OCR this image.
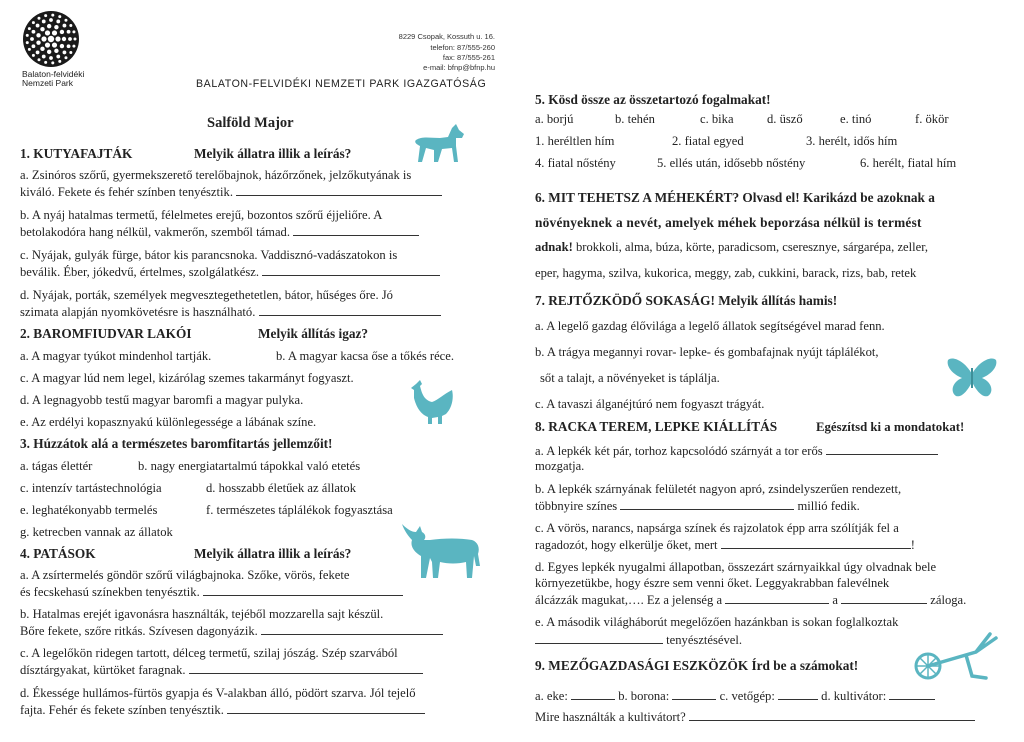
Balaton-felvidéki
Nemzeti Park
8229 Csopak, Kossuth u. 16.
telefon: 87/555-260
fax: 87/555-261
e-mail: bfnp@bfnp.hu
BALATON-FELVIDÉKI NEMZETI PARK IGAZGATÓSÁG
Salföld Major
1. KUTYAFAJTÁK	Melyik állatra illik a leírás?
a. Zsinóros szőrű, gyermekszerető terelőbajnok, házőrzőnek, jelzőkutyának is
kiváló. Fekete és fehér színben tenyésztik.
b. A nyáj hatalmas termetű, félelmetes erejű, bozontos szőrű éjjeliőre. A
betolakodóra hang nélkül, vakmerőn, szemből támad.
c. Nyájak, gulyák fürge, bátor kis parancsnoka. Vaddisznó-vadászatokon is
beválik. Éber, jókedvű, értelmes, szolgálatkész.
d. Nyájak, porták, személyek megvesztegethetetlen, bátor, hűséges őre. Jó
szimata alapján nyomkövetésre is használható.
2. BAROMFIUDVAR LAKÓI	Melyik állítás igaz?
a. A magyar tyúkot mindenhol tartják.	b. A magyar kacsa őse a tőkés réce.
c. A magyar lúd nem legel, kizárólag szemes takarmányt fogyaszt.
d. A legnagyobb testű magyar baromfi a magyar pulyka.
e. Az erdélyi kopasznyakú különlegessége a lábának színe.
3. Húzzátok alá a természetes baromfitartás jellemzőit!
a. tágas élettér	b. nagy energiatartalmú tápokkal való etetés
c. intenzív tartástechnológia	d. hosszabb életűek az állatok
e. leghatékonyabb termelés	f. természetes táplálékok fogyasztása
g. ketrecben vannak az állatok
4. PATÁSOK	Melyik állatra illik a leírás?
a. A zsírtermelés göndör szőrű világbajnoka. Szőke, vörös, fekete
és fecskehasú színekben tenyésztik.
b. Hatalmas erejét igavonásra használták, tejéből mozzarella sajt készül.
Bőre fekete, szőre ritkás. Szívesen dagonyázik.
c. A legelőkön ridegen tartott, délceg termetű, szilaj jószág. Szép szarvából
dísztárgyakat, kürtöket faragnak.
d. Ékessége hullámos-fürtös gyapja és V-alakban álló, pödört szarva. Jól tejelő
fajta. Fehér és fekete színben tenyésztik.
5. Kösd össze az összetartozó fogalmakat!
a. borjú	b. tehén	c. bika	d. üsző	e. tinó	f. ökör
1. herélt​len hím	2. fiatal egyed	3. herélt, idős hím
4. fiatal nőstény	5. ellés után, idősebb nőstény	6. herélt, fiatal hím
6. MIT TEHETSZ A MÉHEKÉRT? Olvasd el! Karikázd be azoknak a
növényeknek a nevét, amelyek méhek beporzása nélkül is termést
adnak! brokkoli, alma, búza, körte, paradicsom, cseresznye, sárgarépa, zeller,
eper, hagyma, szilva, kukorica, meggy, zab, cukkini, barack, rizs, bab, retek
7. REJTŐZKÖDŐ SOKASÁG! Melyik állítás hamis!
a. A legelő gazdag élővilága a legelő állatok segítségével marad fenn.
b. A trágya megannyi rovar- lepke- és gombafajnak nyújt táplálékot,
sőt a talajt, a növényeket is táplálja.
c. A tavaszi álganéjtúró nem fogyaszt trágyát.
8. RACKA TEREM, LEPKE KIÁLLÍTÁS	Egészítsd ki a mondatokat!
a. A lepkék két pár, torhoz kapcsolódó szárnyát a tor erős
mozgatja.
b. A lepkék szárnyának felületét nagyon apró, zsindelyszerűen rendezett,
többnyire színes	millió fedik.
c. A vörös, narancs, napsárga színek és rajzolatok épp arra szólítják fel a
ragadozót, hogy elkerülje őket, mert	!
d. Egyes lepkék nyugalmi állapotban, összezárt szárnyaikkal úgy olvadnak bele
környezetükbe, hogy észre sem venni őket. Leggyakrabban falevélnek
álcázzák magukat,…. Ez a jelenség a	a	záloga.
e. A második világháborút megelőzően hazánkban is sokan foglalkoztak
tenyésztésével.
9. MEZŐGAZDASÁGI ESZKÖZÖK Írd be a számokat!
a. eke:	b. borona:	c. vetőgép:	d. kultivátor:
Mire használták a kultivátort?
